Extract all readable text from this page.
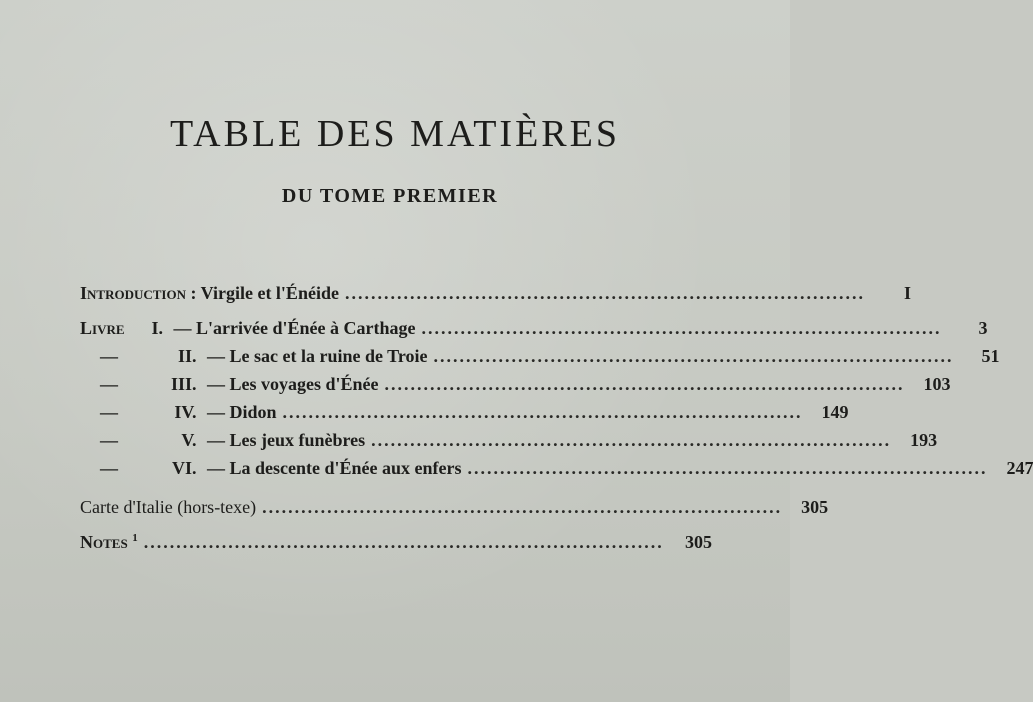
TABLE DES MATIÈRES
DU TOME PREMIER
Introduction : Virgile et l'Énéide ................................................................................	I
Livre I. — L'arrivée d'Énée à Carthage ................................................................................	3
—	II. — Le sac et la ruine de Troie ................................................................................	51
—	III. — Les voyages d'Énée ................................................................................	103
—	IV. — Didon ................................................................................	149
—	V. — Les jeux funèbres ................................................................................	193
—	VI. — La descente d'Énée aux enfers ................................................................................	247
Carte d'Italie (hors-texe) ................................................................................	305
Notes $^1$ ................................................................................	305
